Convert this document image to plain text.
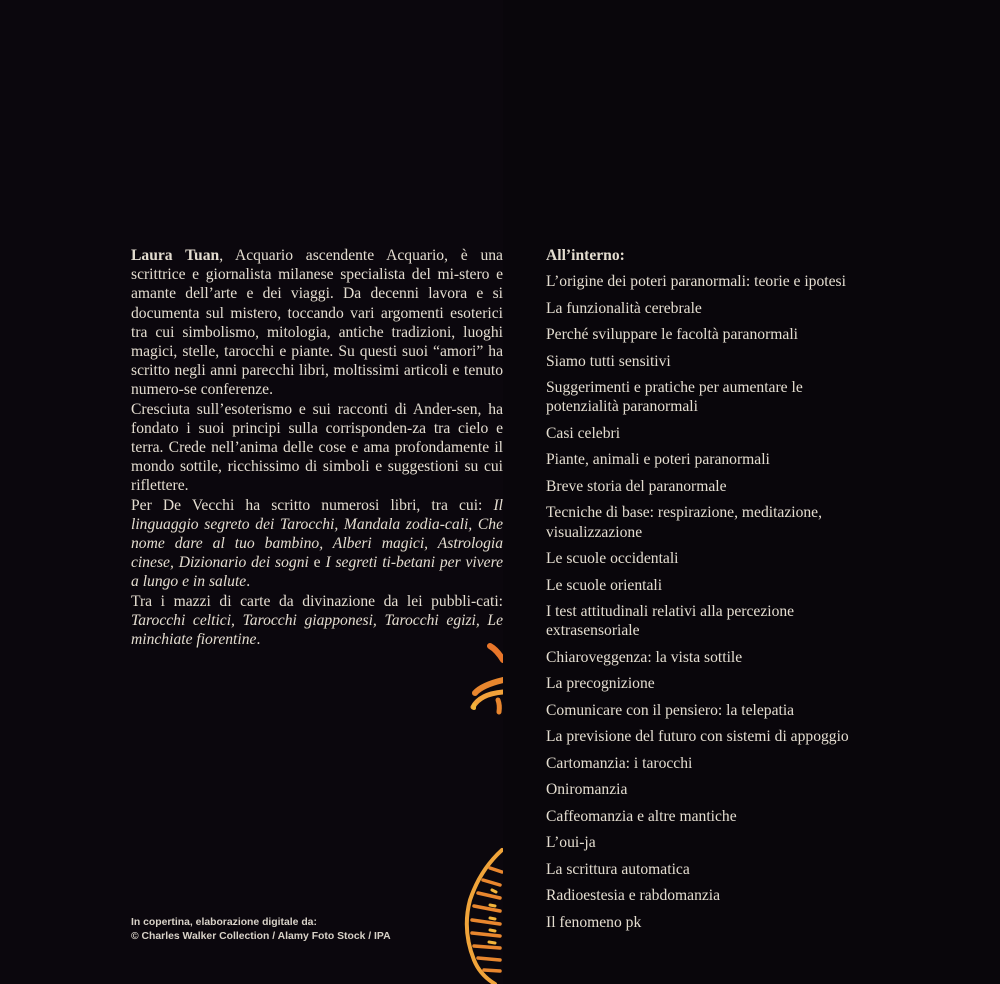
Laura Tuan, Acquario ascendente Acquario, è una scrittrice e giornalista milanese specialista del mi-stero e amante dell’arte e dei viaggi. Da decenni lavora e si documenta sul mistero, toccando vari argomenti esoterici tra cui simbolismo, mitologia, antiche tradizioni, luoghi magici, stelle, tarocchi e piante. Su questi suoi “amori” ha scritto negli anni parecchi libri, moltissimi articoli e tenuto numero-se conferenze.

Cresciuta sull’esoterismo e sui racconti di Ander-sen, ha fondato i suoi principi sulla corrisponden-za tra cielo e terra. Crede nell’anima delle cose e ama profondamente il mondo sottile, ricchissimo di simboli e suggestioni su cui riflettere.

Per De Vecchi ha scritto numerosi libri, tra cui: Il linguaggio segreto dei Tarocchi, Mandala zodia-cali, Che nome dare al tuo bambino, Alberi magici, Astrologia cinese, Dizionario dei sogni e I segreti ti-betani per vivere a lungo e in salute.

Tra i mazzi di carte da divinazione da lei pubbli-cati: Tarocchi celtici, Tarocchi giapponesi, Tarocchi egizi, Le minchiate fiorentine.

In copertina, elaborazione digitale da:
© Charles Walker Collection / Alamy Foto Stock / IPA
All’interno:
L’origine dei poteri paranormali: teorie e ipotesi
La funzionalità cerebrale
Perché sviluppare le facoltà paranormali
Siamo tutti sensitivi
Suggerimenti e pratiche per aumentare le potenzialità paranormali
Casi celebri
Piante, animali e poteri paranormali
Breve storia del paranormale
Tecniche di base: respirazione, meditazione, visualizzazione
Le scuole occidentali
Le scuole orientali
I test attitudinali relativi alla percezione extrasensoriale
Chiaroveggenza: la vista sottile
La precognizione
Comunicare con il pensiero: la telepatia
La previsione del futuro con sistemi di appoggio
Cartomanzia: i tarocchi
Oniromanzia
Caffeomanzia e altre mantiche
L’oui-ja
La scrittura automatica
Radioestesia e rabdomanzia
Il fenomeno pk
